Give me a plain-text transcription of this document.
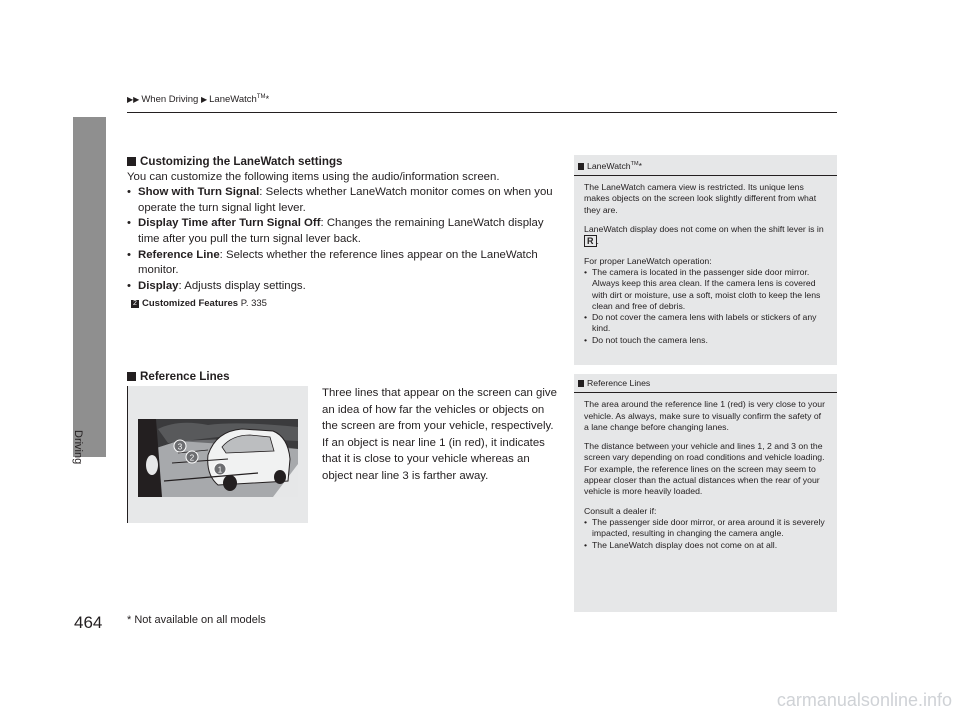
▶▶ When Driving ▶ LaneWatch™*
Driving
Customizing the LaneWatch settings

You can customize the following items using the audio/information screen.

• Show with Turn Signal: Selects whether LaneWatch monitor comes on when you operate the turn signal light lever.
• Display Time after Turn Signal Off: Changes the remaining LaneWatch display time after you pull the turn signal lever back.
• Reference Line: Selects whether the reference lines appear on the LaneWatch monitor.
• Display: Adjusts display settings.
2 Customized Features P. 335
Reference Lines
1
2
3

Three lines that appear on the screen can give an idea of how far the vehicles or objects on the screen are from your vehicle, respectively. If an object is near line 1 (in red), it indicates that it is close to your vehicle whereas an object near line 3 is farther away.

LaneWatch™*

The LaneWatch camera view is restricted. Its unique lens makes objects on the screen look slightly different from what they are.

LaneWatch display does not come on when the shift lever is in R .

For proper LaneWatch operation:

• The camera is located in the passenger side door mirror. Always keep this area clean. If the camera lens is covered with dirt or moisture, use a soft, moist cloth to keep the lens clean and free of debris.
• Do not cover the camera lens with labels or stickers of any kind.
• Do not touch the camera lens.
Reference Lines

The area around the reference line 1 (red) is very close to your vehicle. As always, make sure to visually confirm the safety of a lane change before changing lanes.

The distance between your vehicle and lines 1, 2 and 3 on the screen vary depending on road conditions and vehicle loading. For example, the reference lines on the screen may seem to appear closer than the actual distances when the rear of your vehicle is more heavily loaded.

Consult a dealer if:

• The passenger side door mirror, or area around it is severely impacted, resulting in changing the camera angle.
• The LaneWatch display does not come on at all.
464 * Not available on all models
carmanualsonline.info
